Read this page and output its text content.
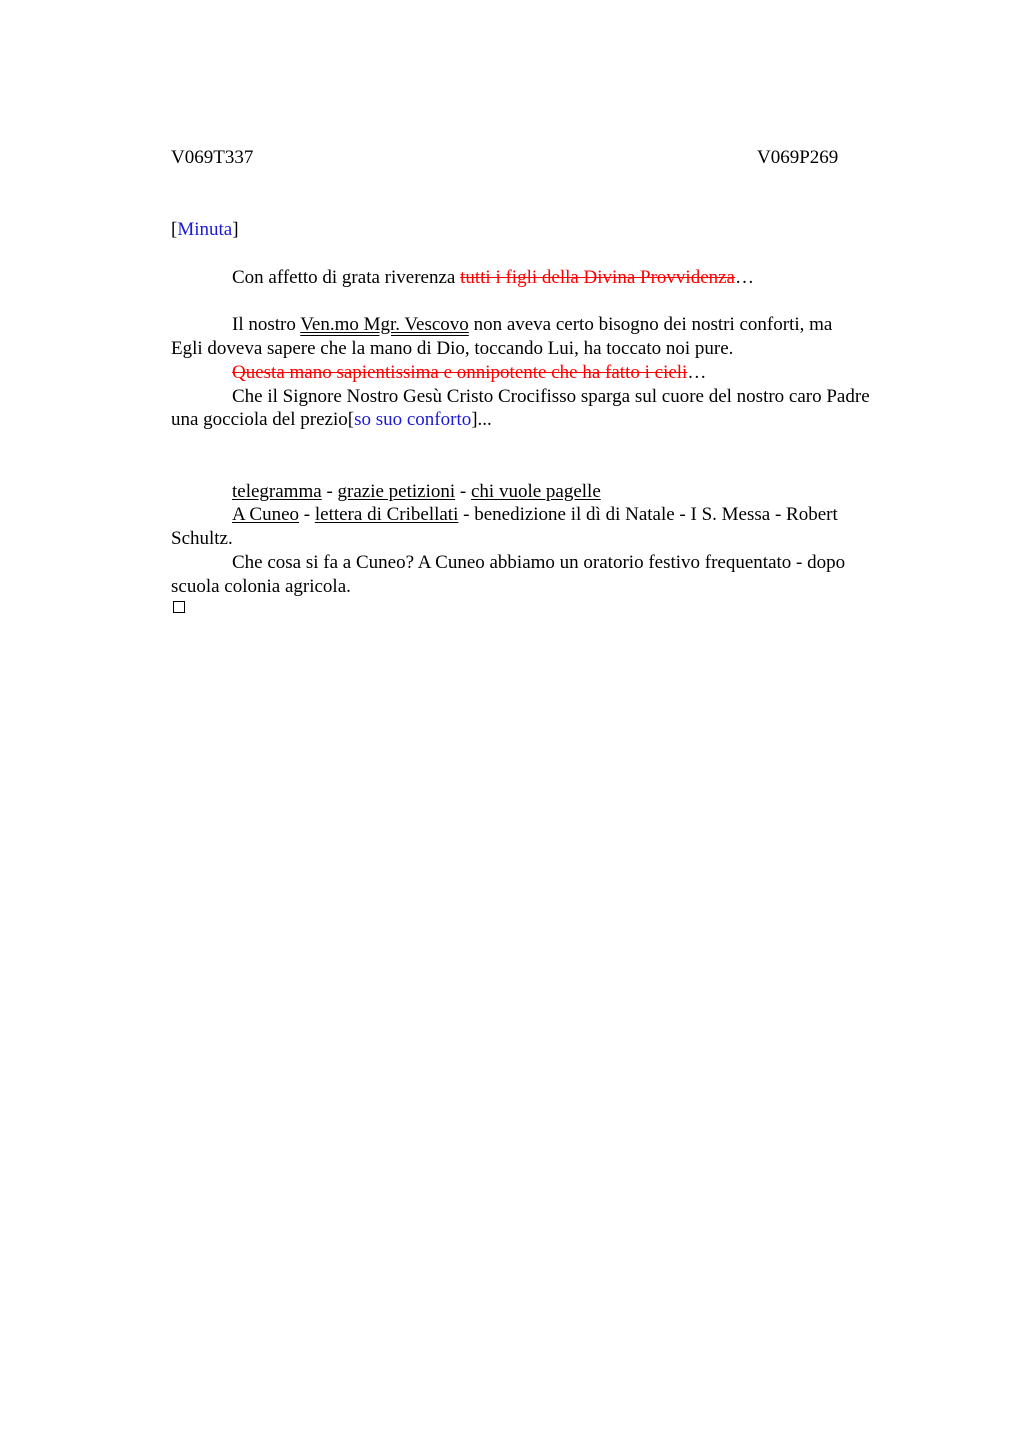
V069T337	V069P269
[Minuta]
Con affetto di grata riverenza tutti i figli della Divina Provvidenza…
Il nostro Ven.mo Mgr. Vescovo non aveva certo bisogno dei nostri conforti, ma
Egli doveva sapere che la mano di Dio, toccando Lui, ha toccato noi pure.
Questa mano sapientissima e onnipotente che ha fatto i cieli…
Che il Signore Nostro Gesù Cristo Crocifisso sparga sul cuore del nostro caro Padre
una gocciola del prezio[so suo conforto]...
telegramma - grazie petizioni - chi vuole pagelle
A Cuneo - lettera di Cribellati - benedizione il dì di Natale - I S. Messa - Robert
Schultz.
Che cosa si fa a Cuneo? A Cuneo abbiamo un oratorio festivo frequentato - dopo
scuola colonia agricola.
